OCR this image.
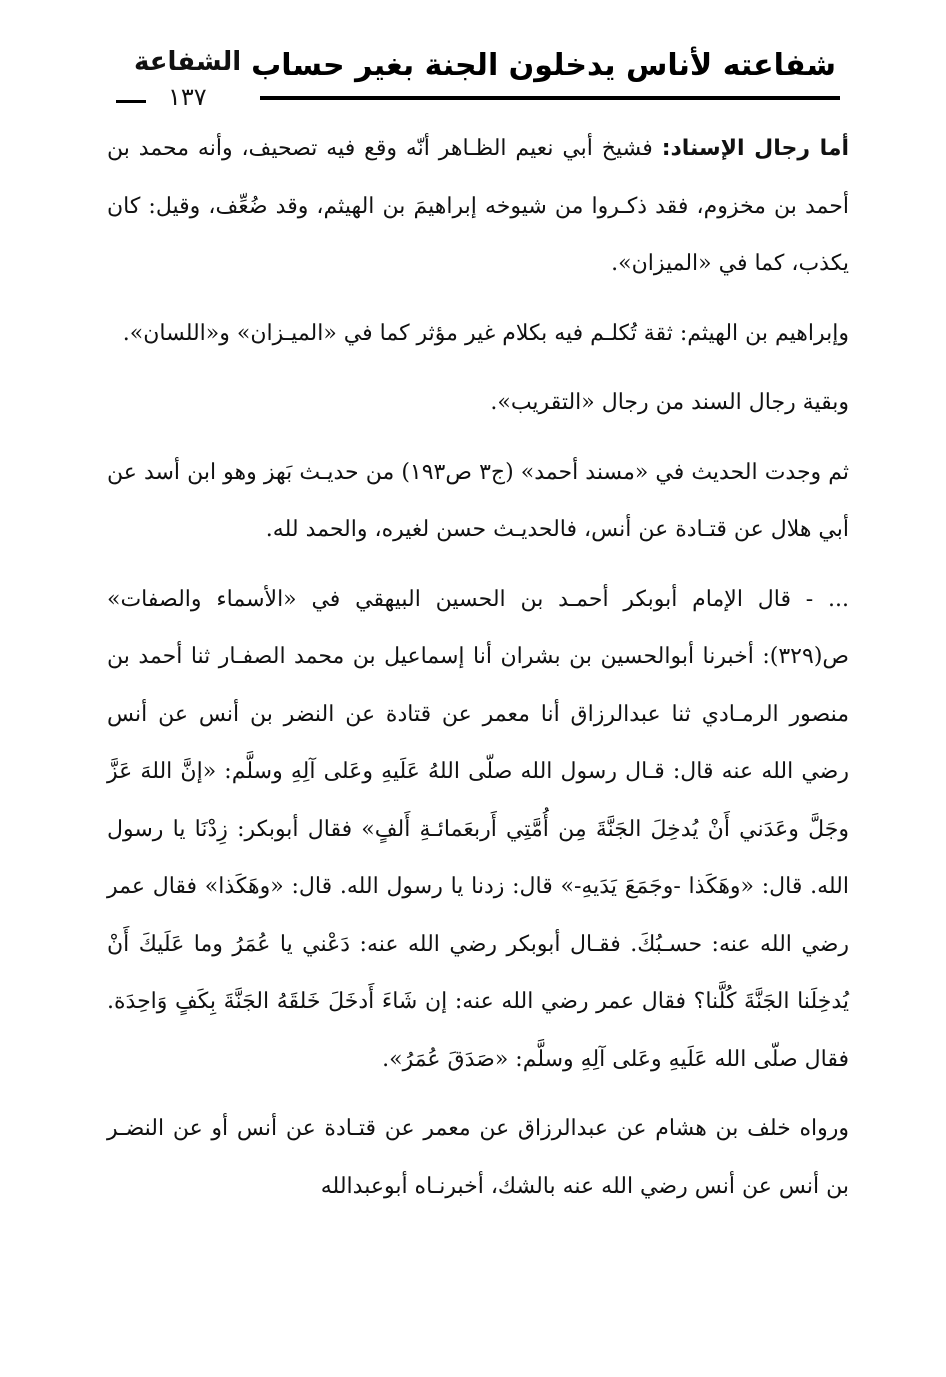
شفاعته لأناس يدخلون الجنة بغير حساب
الشفاعة
١٣٧

أما رجال الإسناد: فشيخ أبي نعيم الظـاهر أنّه وقع فيه تصحيف، وأنه محمد بن أحمد بن مخزوم، فقد ذكـروا من شيوخه إبراهيمَ بن الهيثم، وقد ضُعِّف، وقيل: كان يكذب، كما في «الميزان».

وإبراهيم بن الهيثم: ثقة تُكلـم فيه بكلام غير مؤثر كما في «الميـزان» و«اللسان».

وبقية رجال السند من رجال «التقريب».

ثم وجدت الحديث في «مسند أحمد» (ج٣ ص١٩٣) من حديـث بَهز وهو ابن أسد عن أبي هلال عن قتـادة عن أنس، فالحديـث حسن لغيره، والحمد لله.

... - قال الإمام أبوبكر أحمـد بن الحسين البيهقي في «الأسماء والصفات» ص(٣٢٩): أخبرنا أبوالحسين بن بشران أنا إسماعيل بن محمد الصفـار ثنا أحمد بن منصور الرمـادي ثنا عبدالرزاق أنا معمر عن قتادة عن النضر بن أنس عن أنس رضي الله عنه قال: قـال رسول الله صلّى اللهُ عَلَيهِ وعَلى آلِهِ وسلَّم: «إنَّ اللهَ عَزَّ وجَلَّ وعَدَني أَنْ يُدخِلَ الجَنَّةَ مِن أُمَّتِي أَربعَمائـةِ أَلفٍ» فقال أبوبكر: زِدْنَا يا رسول الله. قال: «وهَكَذا -وجَمَعَ يَدَيهِ-» قال: زدنا يا رسول الله. قال: «وهَكَذا» فقال عمر رضي الله عنه: حسـبُكَ. فقـال أبوبكر رضي الله عنه: دَعْني يا عُمَرُ وما عَلَيكَ أَنْ يُدخِلَنا الجَنَّةَ كُلَّنا؟ فقال عمر رضي الله عنه: إن شَاءَ أَدخَلَ خَلقَهُ الجَنَّةَ بِكَفٍ وَاحِدَة. فقال صلّى الله عَلَيهِ وعَلى آلِهِ وسلَّم: «صَدَقَ عُمَرُ».

ورواه خلف بن هشام عن عبدالرزاق عن معمر عن قتـادة عن أنس أو عن النضـر بن أنس عن أنس رضي الله عنه بالشك، أخبرنـاه أبوعبدالله
